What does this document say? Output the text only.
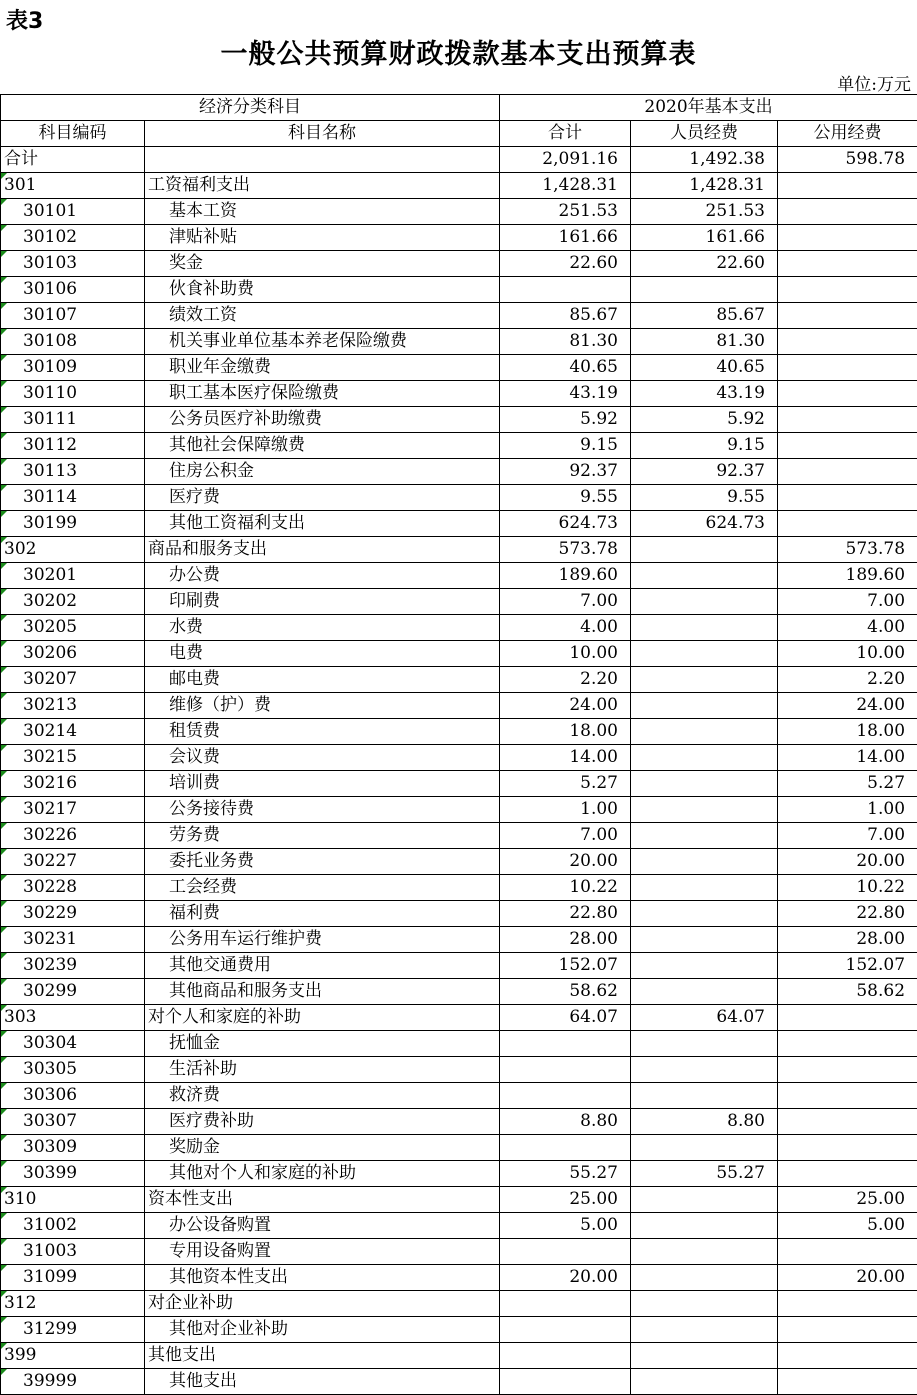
表3
一般公共预算财政拨款基本支出预算表
单位:万元
经济分类科目		2020年基本支出		
科目编码	科目名称	合计	人员经费	公用经费
合计		2,091.16	1,492.38	598.78
301	工资福利支出	1,428.31	1,428.31	
30101	基本工资	251.53	251.53	
30102	津贴补贴	161.66	161.66	
30103	奖金	22.60	22.60	
30106	伙食补助费			
30107	绩效工资	85.67	85.67	
30108	机关事业单位基本养老保险缴费	81.30	81.30	
30109	职业年金缴费	40.65	40.65	
30110	职工基本医疗保险缴费	43.19	43.19	
30111	公务员医疗补助缴费	5.92	5.92	
30112	其他社会保障缴费	9.15	9.15	
30113	住房公积金	92.37	92.37	
30114	医疗费	9.55	9.55	
30199	其他工资福利支出	624.73	624.73	
302	商品和服务支出	573.78		573.78
30201	办公费	189.60		189.60
30202	印刷费	7.00		7.00
30205	水费	4.00		4.00
30206	电费	10.00		10.00
30207	邮电费	2.20		2.20
30213	维修（护）费	24.00		24.00
30214	租赁费	18.00		18.00
30215	会议费	14.00		14.00
30216	培训费	5.27		5.27
30217	公务接待费	1.00		1.00
30226	劳务费	7.00		7.00
30227	委托业务费	20.00		20.00
30228	工会经费	10.22		10.22
30229	福利费	22.80		22.80
30231	公务用车运行维护费	28.00		28.00
30239	其他交通费用	152.07		152.07
30299	其他商品和服务支出	58.62		58.62
303	对个人和家庭的补助	64.07	64.07	
30304	抚恤金			
30305	生活补助			
30306	救济费			
30307	医疗费补助	8.80	8.80	
30309	奖励金			
30399	其他对个人和家庭的补助	55.27	55.27	
310	资本性支出	25.00		25.00
31002	办公设备购置	5.00		5.00
31003	专用设备购置			
31099	其他资本性支出	20.00		20.00
312	对企业补助			
31299	其他对企业补助			
399	其他支出			
39999	其他支出			
